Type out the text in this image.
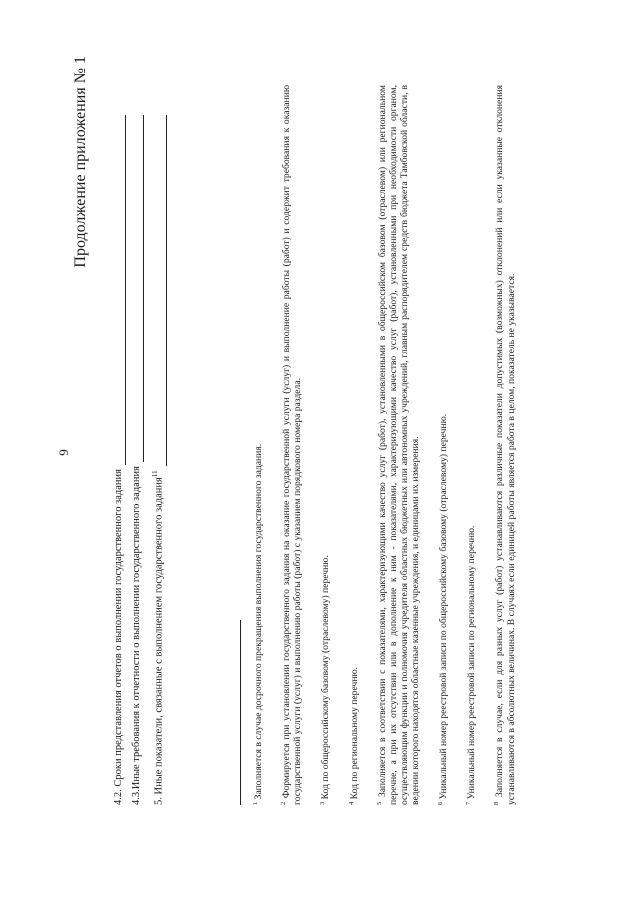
9
Продолжение приложения № 1
4.2. Сроки представления отчетов о выполнении государственного задания 4.3.Иные требования к отчетности о выполнении государственного задания	5. Иные показатели, связанные с выполнением государственного задания$^{11}$

$^1$ Заполняется в случае досрочного прекращения выполнения государственного задания.

$^2$ Формируется при установлении государственного задания на оказание государственной услуги (услуг) и выполнение работы (работ) и содержит требования к оказанию государственной услуги (услуг) и выполнению работы (работ) с указанием порядкового номера раздела.	$^3$ Код по общероссийскому базовому (отраслевому) перечню.

$^4$ Код по региональному перечню.

$^5$ Заполняется в соответствии с показателями, характеризующими качество услуг (работ), установленными в общероссийском базовом (отраслевом) или региональном перечне, а при их отсутствии или в дополнение к ним - показателями, характеризующими качество услуг (работ), установленными при необходимости органом, осуществляющим функции и полномочия учредителя областных бюджетных или автономных учреждений, главным распорядителем средств бюджета Тамбовской области, в ведении которого находятся областные казенные учреждения, и единицами их измерения.	$^6$ Уникальный номер реестровой записи по общероссийскому базовому (отраслевому) перечню.

$^7$ Уникальный номер реестровой записи по региональному перечню.

$^8$ Заполняется в случае, если для разных услуг (работ) устанавливаются различные показатели допустимых (возможных) отклонений или если указанные отклонения устанавливаются в абсолютных величинах. В случаях если единицей работы является работа в целом, показатель не указывается.
